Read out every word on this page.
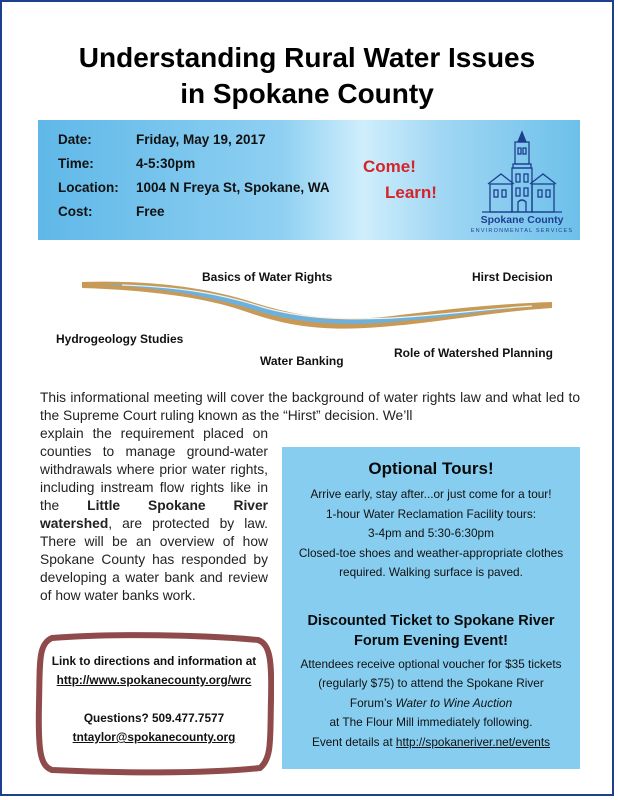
Understanding Rural Water Issues
in Spokane County
Date:	Friday, May 19, 2017
Time:	4-5:30pm
Location:	1004 N Freya St, Spokane, WA
Cost:	Free
Come!
Learn!
Spokane County
ENVIRONMENTAL SERVICES
Basics of Water Rights	Hirst Decision
Hydrogeology Studies
Water Banking
Role of Watershed Planning
This informational meeting will cover the background of water rights law and what led to the Supreme Court ruling known as the “Hirst” decision. We’ll
explain the requirement placed on counties to manage ground-water withdrawals where prior water rights, including instream flow rights like in the Little Spokane River watershed, are protected by law. There will be an overview of how Spokane County has responded by developing a water bank and review of how water banks work.
Optional Tours!
Arrive early, stay after...or just come for a tour!
1-hour Water Reclamation Facility tours:
3-4pm and 5:30-6:30pm
Closed-toe shoes and weather-appropriate clothes
required. Walking surface is paved.
Discounted Ticket to Spokane River
Forum Evening Event!
Attendees receive optional voucher for $35 tickets
(regularly $75) to attend the Spokane River
Forum’s Water to Wine Auction
at The Flour Mill immediately following.
Event details at http://spokaneriver.net/events
Link to directions and information at
http://www.spokanecounty.org/wrc
Questions? 509.477.7577
tntaylor@spokanecounty.org
